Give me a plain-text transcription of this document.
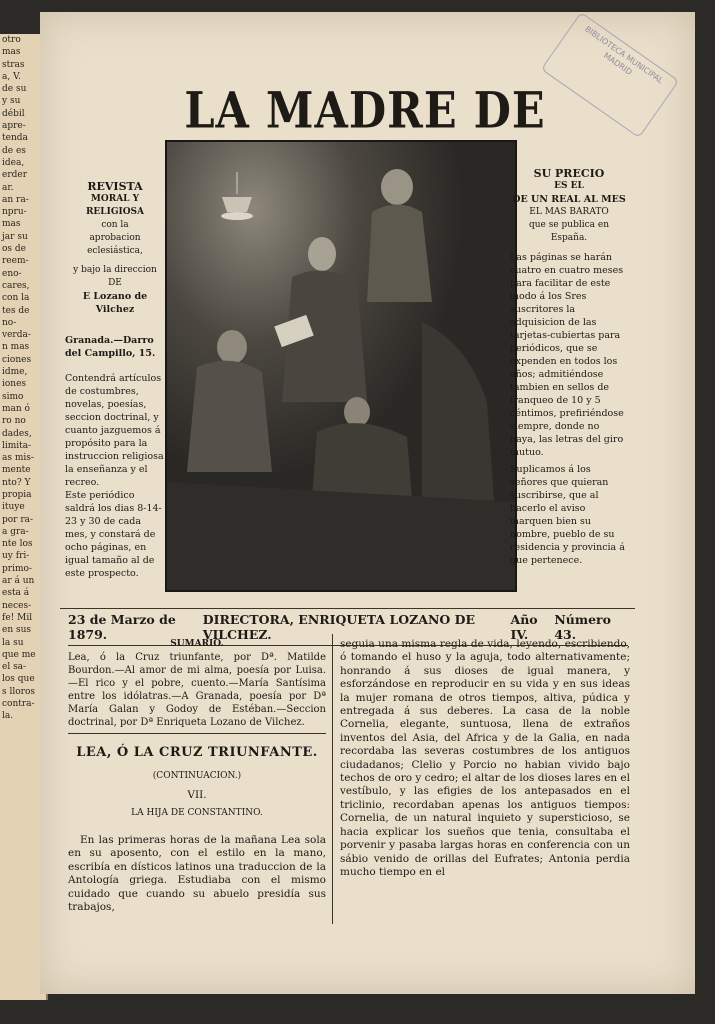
otro
mas
stras
a, V.
de su
y su
débil
apre-
tenda
de es
idea,
erder
ar.
an ra-
npru-
mas
jar su
os de
reem-
eno-
cares,
con la
tes de
no-
verda-
n mas
ciones
idme,
iones
simo
man ó
ro no
dades,
limita-
as mis-
mente
nto? Y
propia
ituye
por ra-
a gra-
nte los
uy fri-
primo-
ar á un
esta á
neces-
fe! Mil
en sus
la su
que me
el sa-
los que
s lloros
contra-
la.
BIBLIOTECA MUNICIPAL MADRID
LA MADRE DE

REVISTA

MORAL Y RELIGIOSA

con la

aprobacion eclesiástica,

y bajo la direccion

DE

E Lozano de Vilchez

Granada.—Darro del Campillo, 15.

Contendrá artículos de costumbres, novelas, poesías, seccion doctrinal, y cuanto jazguemos á propósito para la instruccion religiosa la enseñanza y el recreo.

Este periódico saldrá los dias 8-14-23 y 30 de cada mes, y constará de ocho páginas, en igual tamaño al de este prospecto.

SU PRECIO

ES EL

DE UN REAL AL MES

EL MAS BARATO

que se publica en España.

Las páginas se harán cuatro en cuatro meses para facilitar de este modo á los Sres suscritores la adquisicion de las tarjetas-cubiertas para periódicos, que se expenden en todos los años; admitiéndose tambien en sellos de franqueo de 10 y 5 céntimos, prefiriéndose siempre, donde no haya, las letras del giro mutuo.

Suplicamos á los señores que quieran suscribirse, que al hacerlo el aviso marquen bien su nombre, pueblo de su residencia y provincia á que pertenece.

23 de Marzo de 1879.
DIRECTORA, ENRIQUETA LOZANO DE VILCHEZ.
Año IV.
Número 43.

SUMARIO.

Lea, ó la Cruz triunfante, por Dª. Matilde Bourdon.—Al amor de mi alma, poesía por Luisa.—El rico y el pobre, cuento.—María Santísima entre los idólatras.—A Granada, poesía por Dª María Galan y Godoy de Estéban.—Seccion doctrinal, por Dª Enriqueta Lozano de Vilchez.

LEA, Ó LA CRUZ TRIUNFANTE.

(CONTINUACION.)

VII.

LA HIJA DE CONSTANTINO.

En las primeras horas de la mañana Lea sola en su aposento, con el estilo en la mano, escribía en dísticos latinos una traduccion de la Antología griega. Estudiaba con el mismo cuidado que cuando su abuelo presidía sus trabajos,

seguia una misma regla de vida, leyendo, escribiendo, ó tomando el huso y la aguja, todo alternativamente; honrando á sus dioses de igual manera, y esforzándose en reproducir en su vida y en sus ideas la mujer romana de otros tiempos, altiva, púdica y entregada á sus deberes. La casa de la noble Cornelia, elegante, suntuosa, llena de extraños inventos del Asia, del Africa y de la Galia, en nada recordaba las severas costumbres de los antiguos ciudadanos; Clelio y Porcio no habian vivido bajo techos de oro y cedro; el altar de los dioses lares en el vestíbulo, y las efigies de los antepasados en el triclinio, recordaban apenas los antiguos tiempos: Cornelia, de un natural inquieto y supersticioso, se hacia explicar los sueños que tenia, consultaba el porvenir y pasaba largas horas en conferencia con un sábio venido de orillas del Eufrates; Antonia perdia mucho tiempo en el
